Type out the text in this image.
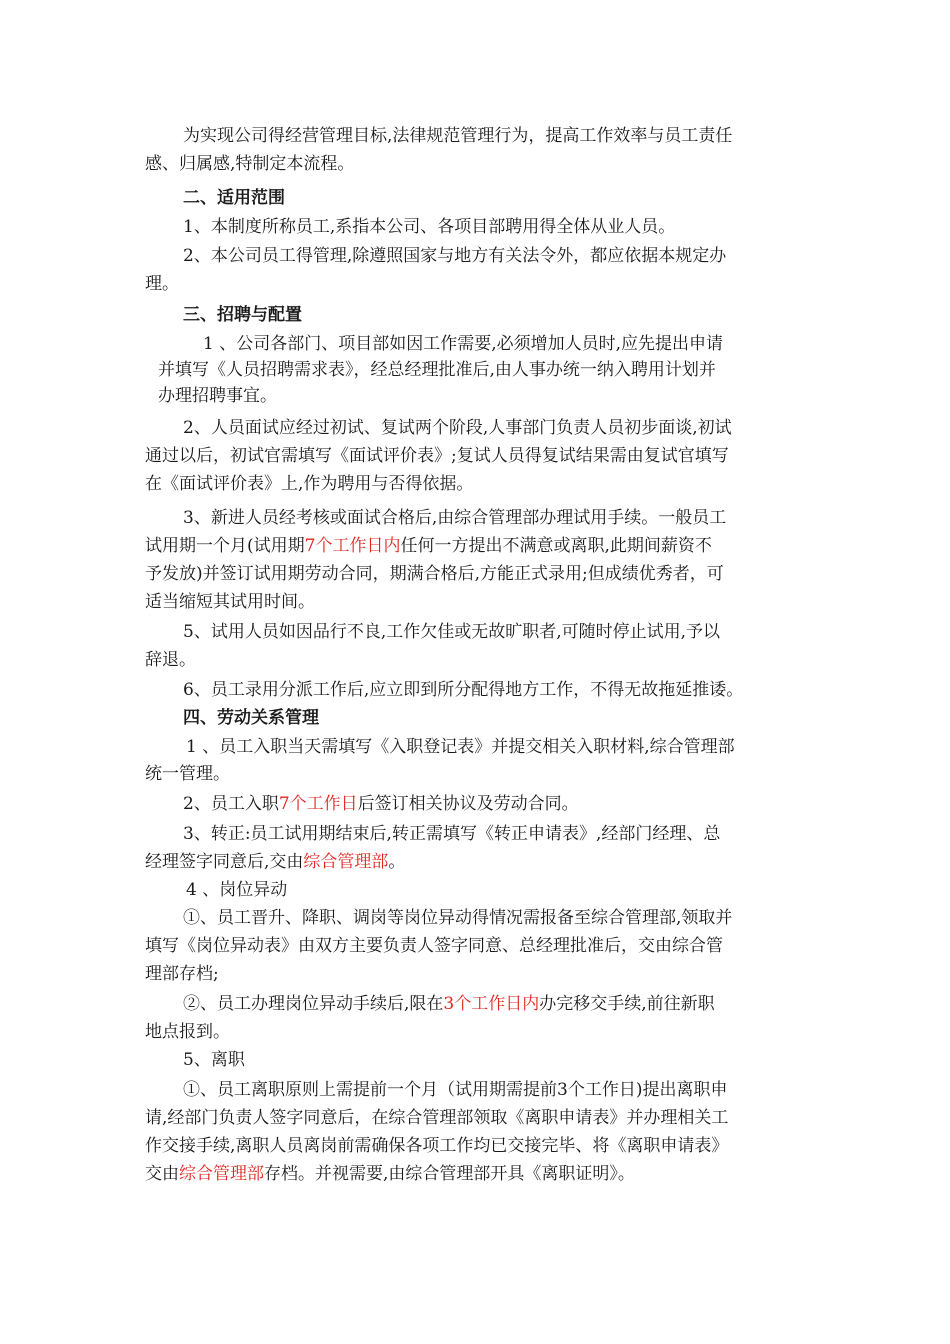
为实现公司得经营管理目标,法律规范管理行为，提高工作效率与员工责任
感、归属感,特制定本流程。
二、适用范围
1、本制度所称员工,系指本公司、各项目部聘用得全体从业人员。
2、本公司员工得管理,除遵照国家与地方有关法令外，都应依据本规定办
理。
三、招聘与配置
1 、公司各部门、项目部如因工作需要,必须增加人员时,应先提出申请
并填写《人员招聘需求表》，经总经理批准后,由人事办统一纳入聘用计划并
办理招聘事宜。
2、人员面试应经过初试、复试两个阶段,人事部门负责人员初步面谈,初试
通过以后，初试官需填写《面试评价表》;复试人员得复试结果需由复试官填写
在《面试评价表》上,作为聘用与否得依据。
3、新进人员经考核或面试合格后,由综合管理部办理试用手续。一般员工
试用期一个月(试用期7个工作日内任何一方提出不满意或离职,此期间薪资不
予发放)并签订试用期劳动合同，期满合格后,方能正式录用;但成绩优秀者，可
适当缩短其试用时间。
5、试用人员如因品行不良,工作欠佳或无故旷职者,可随时停止试用,予以
辞退。
6、员工录用分派工作后,应立即到所分配得地方工作，不得无故拖延推诿。
四、劳动关系管理
1 、员工入职当天需填写《入职登记表》并提交相关入职材料,综合管理部
统一管理。
2、员工入职7个工作日后签订相关协议及劳动合同。
3、转正:员工试用期结束后,转正需填写《转正申请表》,经部门经理、总
经理签字同意后,交由综合管理部。
4 、岗位异动
①、员工晋升、降职、调岗等岗位异动得情况需报备至综合管理部,领取并
填写《岗位异动表》由双方主要负责人签字同意、总经理批准后，交由综合管
理部存档;
②、员工办理岗位异动手续后,限在3个工作日内办完移交手续,前往新职
地点报到。
5、离职
①、员工离职原则上需提前一个月（试用期需提前3个工作日)提出离职申
请,经部门负责人签字同意后，在综合管理部领取《离职申请表》并办理相关工
作交接手续,离职人员离岗前需确保各项工作均已交接完毕、将《离职申请表》
交由综合管理部存档。并视需要,由综合管理部开具《离职证明》。
